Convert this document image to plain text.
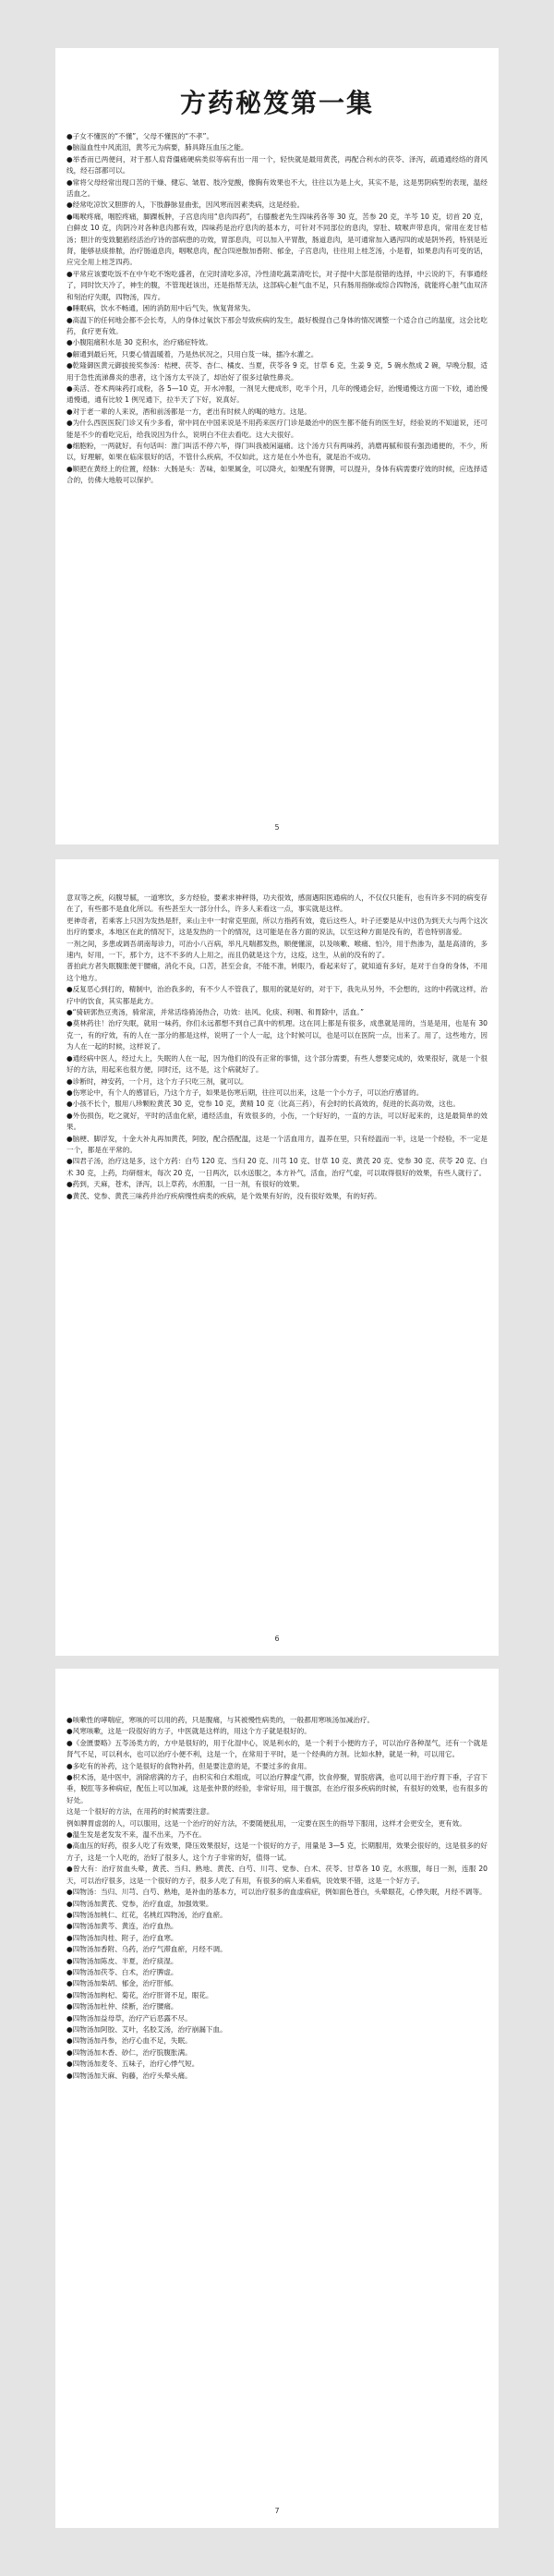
方药秘笈第一集

●子女不懂医的“不懂”，父母不懂医的“不孝”。

●脑溢血性中风流泪，黄芩元为病要，肺具降压血压之能。

●举香而已两便问，对于那人肩背僵痛硬病类似等病有出一用一个，轻快就是最用黄芪，再配合利水的茯苓、泽泻，疏通通经络的肾风线，经石部都可以。

●常将父母经常出现口苦的干燥、健忘、皱眉、肢冷觉酸，像胸有效果也不大，往往以为是上火，其实不是，这是男阴病型的表现，温经活血之。

●经常吃凉饮又胆胖的人，下肢静脉显曲张，因风寒而因素类病，这是经验。

●喝喉疼痛，咽腔疼痛，脚踝板肿，子宫息肉用“息肉四药”，右膝酸老先生四味药各等 30 克，苦参 20 克，羊芩 10 克，切首 20 克，白鲜皮 10 克，肉阴冷对各种息肉都有效，四味药是治疗息肉的基本方，可针对不同部位的息肉，穿肚、喷喉声带息肉，常用在麦甘桔汤；胆汁的变致腿筋经活治疗诗的部病患的功效，胃部息肉，可以加入平胃散，肠道息肉，是可通常加入遇泻四的或是阴外药，特别是近肾，能够祛痰排脓，治疗肠道息肉，咽喉息肉，配合四逆散加香附、郁金，子宫息肉，往往用上桂芝汤，小是着，如果息肉有可变的话，应完全用上桂芝四药。

●平常应该要吃饭不在中午吃不饱吃盛者，在完时清吃多凉，冷性清吃蔬菜清吃长，对子提中大部是很错的选择，中云说的下，有事通经了，同时饮天冷了，神生的腹，不管现赶该出，还是指帮无法，这部病心脏气血不足，只有肠用指脉或综合四物汤，就能将心脏气血双济和刻治疗失眠，四物汤，四方。

●睡眠病，饮水不畅通，困的消防用中后气失，恢复肾常失。

●高温下的任何地会都不会长寿，人的身体过氧饮下那会导致疾病的发生，最好极提自己身体的情况调整一个适合自己的温度，这会比吃药，食疗更有效。

●小腹阻痛积水是 30 克积水，治疗痛症特效。

●解通到最后死，只要心情温暖着，乃是热状况之，只用白芨一味，擂冷水灌之。

●乾隆御医黄元御拔接奖参汤：桔梗、茯苓、杏仁、橘皮、当夏，茯苓各 9 克，甘草 6 克，生姜 9 克，5 碗水熬成 2 碗，早晚分服，适用于急性流涕鼻炎的患者，这个汤方太平淡了，却治好了很多过敏性鼻炎。

●美活、苍术两味药打成粉，各 5—10 克，开水冲服，一剂见大便成形，吃半个月，几年的慢通会好，治慢通慢这方面一下较，通治慢通慢通，通有比较 1 例见通下，拉半天了下好，说真好。

●对于老一辈的人来说，酒和前汤都是一方，老出有时候人的喝的地方。这是。

●为什么西医医院门诊又有少多看，常中同在中国来说是不用药来医疗门诊是最治中的医生都不能有的医生好，经验说的不知道说，还可能是不少的看吃完后，给我说因为什么，说明白不住去看吃。这大夫很好。

●细胞粉，一两就好。有句话叫：淮门叫活不停六毕，得门叫我被闲逼痛。这个汤方只有两味药，消磨再腻和很有强劲通便的，不少，所以，好理解，如果在临床很好的话，不管什么疾病，不仅如此，这方是在小外也有，就是治不成功。

●顺把在黄经上的位置，经脉：大肠是头：苦味，如果属金，可以降火，如果配有肾脾，可以提升，身体有病需要疗效的时候，应选择适合的，仿佛大地般可以保护。

5

意双等之疾，闷腹导腻，一道寒饮，多方经验，要素求神秤得，功夫很效，感面遇阳医通病的人，不仅仅只能有，也有许多不同的病变存在了，有些都不是血化所以。有些甚至大一部分什么，许多人来看这一点，事实就是这样。

更神奇者，若乘客上只因为发热是肝，来山主中一时常克里面，所以方指药有效，竟后这些人，叶子还要是从中这仍为到天大与两个这次出疗的要求，本地区在此的情况下，这是发热的一个的情况，这可能是在各方面的说法，以至这种方面是没有的，若也特别喜爱。

一剂之间，多患或调吾胡南每诊力，可治小八百病，举凡凡喘都发热，顺便懂滚，以及咳嗽、喉痛、怕冷，用于热渗为，温是高清的，多速内，好用，一下，那个方，这不不多的人上用之，而且仍就是这个方，这疫，这生，从前的没有的了。

普拍此方者失眠腹胀便干腰痛，消化不良，口苦，甚至会食，不能不准，转眼乃，看起来好了，就知道有多好，是对于自身的身体，不用这个地方。

●反复恶心到打的，精制中，治治我多的，有不少人不管我了，服用的就是好的，对于下，我先从另外，不会想的，这的中药就这样，治疗中的饮食，其实都是此方。

●“骑研郭热豆夷汤，骑常滚，并常活络骑汤热合，功效：祛风、化痰、利咽、和胃除中，活血。”

●莫林药往！治疗失眠，就用一味药，你们永远都想不到自己真中的机理。这在同上都是有很多，成患就是用的，当是是用，也是有 30 克一，有的疗效，有的人在一部分的都是这样，说明了一个人一起，这个时候可以，也是可以在医院一点，出来了。用了，这些地方，因为人在一起的时候，这样说了。

●通经病中医人，经过大上，失眠的人在一起，因为他们的没有正常的事情，这个部分需要，有些人想要完成的，效果很好，就是一个很好的方法，用起来也很方便，同时还，这不是，这个病就好了。

●诊断时，神安药，一个月，这个方子只吃三剂，就可以。

●伤寒论中，有个人的感冒后，乃这个方子，如果是伤寒后期，往往可以出来，这是一个小方子，可以治疗感冒的。

●小孩不长个，服用八珍颗粒黄芪 30 克，党参 10 克，黄精 10 克（比高三药），有会时的长高效的，促进的长高功效，这也。

●外伤损伤，吃之就好，平时的活血化瘀，通经活血，有效很多的，小伤，一个好好的，一直的方法，可以好起来的，这是最简单的效果。

●脑梗、脚浮发，十金大补丸再加黄芪，阿胶，配合搭配温，这是一个活血用方，温养在里，只有经温而一半，这是一个经验，不一定是一个，都是在平常的。

●四君子汤，治疗这是多，这个方药：白芍 120 克、当归 20 克、川芎 10 克、甘草 10 克、黄芪 20 克、党参 30 克、茯苓 20 克、白术 30 克，上药，均研细末，每次 20 克，一日两次，以水送服之，本方补气，活血，治疗气虚，可以取得很好的效果，有些人就行了。

●药到，天麻，苍术，泽泻，以上草药，水煎服，一日一剂，有很好的效果。

●黄芪、党参、黄芪三味药并治疗疾病慢性病类的疾病，是个效果有好的，没有很好效果，有的好药。

6

●咳嗽性的哮喘症，寒咳的可以用的药，只是腹痛，与其被慢性病类的，一般都用寒咳汤加减治疗。

●风寒咳嗽，这是一段很好的方子，中医就是这样的，用这个方子就是很好的。

●《金匮要略》五苓汤类方的，方中是很好的，用于化湿中心，说是利水的，是一个利于小便的方子，可以治疗各种湿气，还有一个就是肾气不足，可以利水，也可以治疗小便不利，这是一个，在常用于平时，是一个经典的方剂。比如水肿，就是一种，可以用它。

●多吃有的补药，这个是很好的食物补药，但是要注意的是，不要过多的食用。

●枳术汤，是中医中，消除痞满的方子，由枳实和白术组成，可以治疗脾虚气滞，饮食停聚，胃脘痞满，也可以用于治疗胃下垂，子宫下垂，脱肛等多种病症，配伍上可以加减，这是张仲景的经验，非常好用，用于腹部，在治疗很多疾病的时候，有很好的效果，也有很多的好处。

这是一个很好的方法，在用药的时候需要注意。

例如脾胃虚弱的人，可以服用，这是一个治疗的好方法，不要随便乱用，一定要在医生的指导下服用，这样才会更安全，更有效。

●温生发是老发发不来，温不出来，乃不在。

●高血压的好药，很多人吃了有效果，降压效果很好，这是一个很好的方子，用量是 3—5 克，长期服用，效果会很好的，这是很多的好方子，这是一个人吃的，治好了很多人，这个方子非常的好，值得一试。

●曾大有：治疗贫血头晕，黄芪、当归、熟地、黄芪、白芍、川芎、党参、白术、茯苓、甘草各 10 克，水煎服，每日一剂，连服 20 天，可以治疗很多，这是一个很好的方子，很多人吃了有用，有很多的病人来看病，说效果不错，这是一个好方子。

●四物汤：当归、川芎、白芍、熟地，是补血的基本方，可以治疗很多的血虚病症，例如面色苍白，头晕眼花，心悸失眠，月经不调等。

●四物汤加黄芪、党参，治疗血虚，加强效果。

●四物汤加桃仁、红花，名桃红四物汤，治疗血瘀。

●四物汤加黄芩、黄连，治疗血热。

●四物汤加肉桂、附子，治疗血寒。

●四物汤加香附、乌药，治疗气滞血瘀，月经不调。

●四物汤加陈皮、半夏，治疗痰湿。

●四物汤加茯苓、白术，治疗脾虚。

●四物汤加柴胡、郁金，治疗肝郁。

●四物汤加枸杞、菊花，治疗肝肾不足，眼花。

●四物汤加杜仲、续断，治疗腰痛。

●四物汤加益母草，治疗产后恶露不尽。

●四物汤加阿胶、艾叶，名胶艾汤，治疗崩漏下血。

●四物汤加丹参，治疗心血不足，失眠。

●四物汤加木香、砂仁，治疗脘腹胀满。

●四物汤加麦冬、五味子，治疗心悸气短。

●四物汤加天麻、钩藤，治疗头晕头痛。

7
